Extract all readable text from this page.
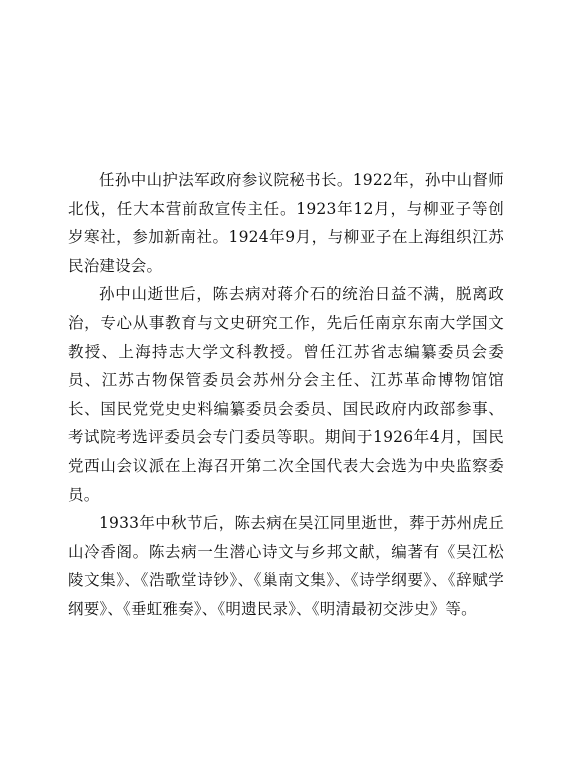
任孙中山护法军政府参议院秘书长。1922年，孙中山督师北伐，任大本营前敌宣传主任。1923年12月，与柳亚子等创岁寒社，参加新南社。1924年9月，与柳亚子在上海组织江苏民治建设会。

孙中山逝世后，陈去病对蒋介石的统治日益不满，脱离政治，专心从事教育与文史研究工作，先后任南京东南大学国文教授、上海持志大学文科教授。曾任江苏省志编纂委员会委员、江苏古物保管委员会苏州分会主任、江苏革命博物馆馆长、国民党党史史料编纂委员会委员、国民政府内政部参事、考试院考选评委员会专门委员等职。期间于1926年4月，国民党西山会议派在上海召开第二次全国代表大会选为中央监察委员。

1933年中秋节后，陈去病在吴江同里逝世，葬于苏州虎丘山冷香阁。陈去病一生潜心诗文与乡邦文献，编著有《吴江松陵文集》、《浩歌堂诗钞》、《巢南文集》、《诗学纲要》、《辞赋学纲要》、《垂虹雅奏》、《明遗民录》、《明清最初交涉史》等。
